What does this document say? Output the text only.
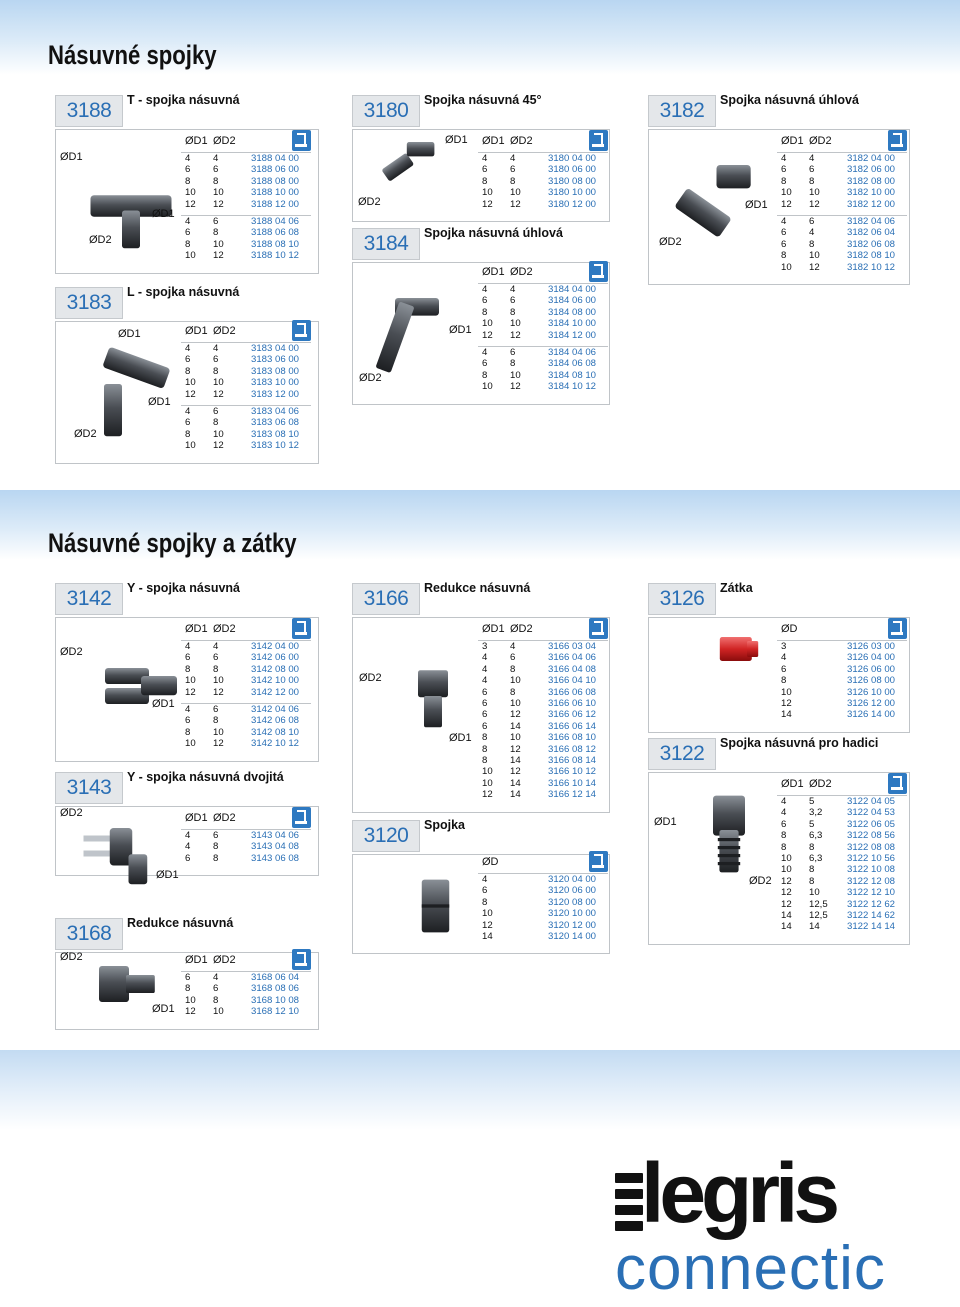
Násuvné spojky
Násuvné spojky a zátky
3188	T - spojka násuvná
ØD1
ØD2
ØD1
ØD1 ØD2
4 4	3188 04 00
6 6	3188 06 00
8 8	3188 08 00
10 10	3188 10 00
12 12	3188 12 00
4 6	3188 04 06
6 8	3188 06 08
8 10	3188 08 10
10 12	3188 10 12
3183	L - spojka násuvná
ØD1
ØD1
ØD2
ØD1 ØD2
4 4	3183 04 00
6 6	3183 06 00
8 8	3183 08 00
10 10	3183 10 00
12 12	3183 12 00
4 6	3183 04 06
6 8	3183 06 08
8 10	3183 08 10
10 12	3183 10 12
3180	Spojka násuvná 45°
ØD1
ØD2
ØD1 ØD2
4 4	3180 04 00
6 6	3180 06 00
8 8	3180 08 00
10 10	3180 10 00
12 12	3180 12 00
3184	Spojka násuvná úhlová
ØD1
ØD2
ØD1 ØD2
4 4	3184 04 00
6 6	3184 06 00
8 8	3184 08 00
10 10	3184 10 00
12 12	3184 12 00
4 6	3184 04 06
6 8	3184 06 08
8 10	3184 08 10
10 12	3184 10 12
3182	Spojka násuvná úhlová
ØD1
ØD2
ØD1 ØD2
4 4	3182 04 00
6 6	3182 06 00
8 8	3182 08 00
10 10	3182 10 00
12 12	3182 12 00
4 6	3182 04 06
6 4	3182 06 04
6 8	3182 06 08
8 10	3182 08 10
10 12	3182 10 12
3142	Y - spojka násuvná
ØD2
ØD1
ØD1 ØD2
4 4	3142 04 00
6 6	3142 06 00
8 8	3142 08 00
10 10	3142 10 00
12 12	3142 12 00
4 6	3142 04 06
6 8	3142 06 08
8 10	3142 08 10
10 12	3142 10 12
3143	Y - spojka násuvná dvojitá
ØD2
ØD1
ØD1 ØD2
4 6	3143 04 06
4 8	3143 04 08
6 8	3143 06 08
3168	Redukce násuvná
ØD2
ØD1
ØD1 ØD2
6 4	3168 06 04
8 6	3168 08 06
10 8	3168 10 08
12 10	3168 12 10
3166	Redukce násuvná
ØD2
ØD1
ØD1 ØD2
3 4	3166 03 04
4 6	3166 04 06
4 8	3166 04 08
4 10	3166 04 10
6 8	3166 06 08
6 10	3166 06 10
6 12	3166 06 12
6 14	3166 06 14
8 10	3166 08 10
8 12	3166 08 12
8 14	3166 08 14
10 12	3166 10 12
10 14	3166 10 14
12 14	3166 12 14
3120	Spojka
ØD
4	3120 04 00
6	3120 06 00
8	3120 08 00
10	3120 10 00
12	3120 12 00
14	3120 14 00
3126	Zátka
ØD
3	3126 03 00
4	3126 04 00
6	3126 06 00
8	3126 08 00
10	3126 10 00
12	3126 12 00
14	3126 14 00
3122	Spojka násuvná pro hadici
ØD1
ØD2
ØD1 ØD2
4 5	3122 04 05
4 3,2	3122 04 53
6 5	3122 06 05
8 6,3	3122 08 56
8 8	3122 08 08
10 6,3	3122 10 56
10 8	3122 10 08
12 8	3122 12 08
12 10	3122 12 10
12 12,5 3122 12 62
14 12,5 3122 14 62
14 14	3122 14 14
legris
connectic
